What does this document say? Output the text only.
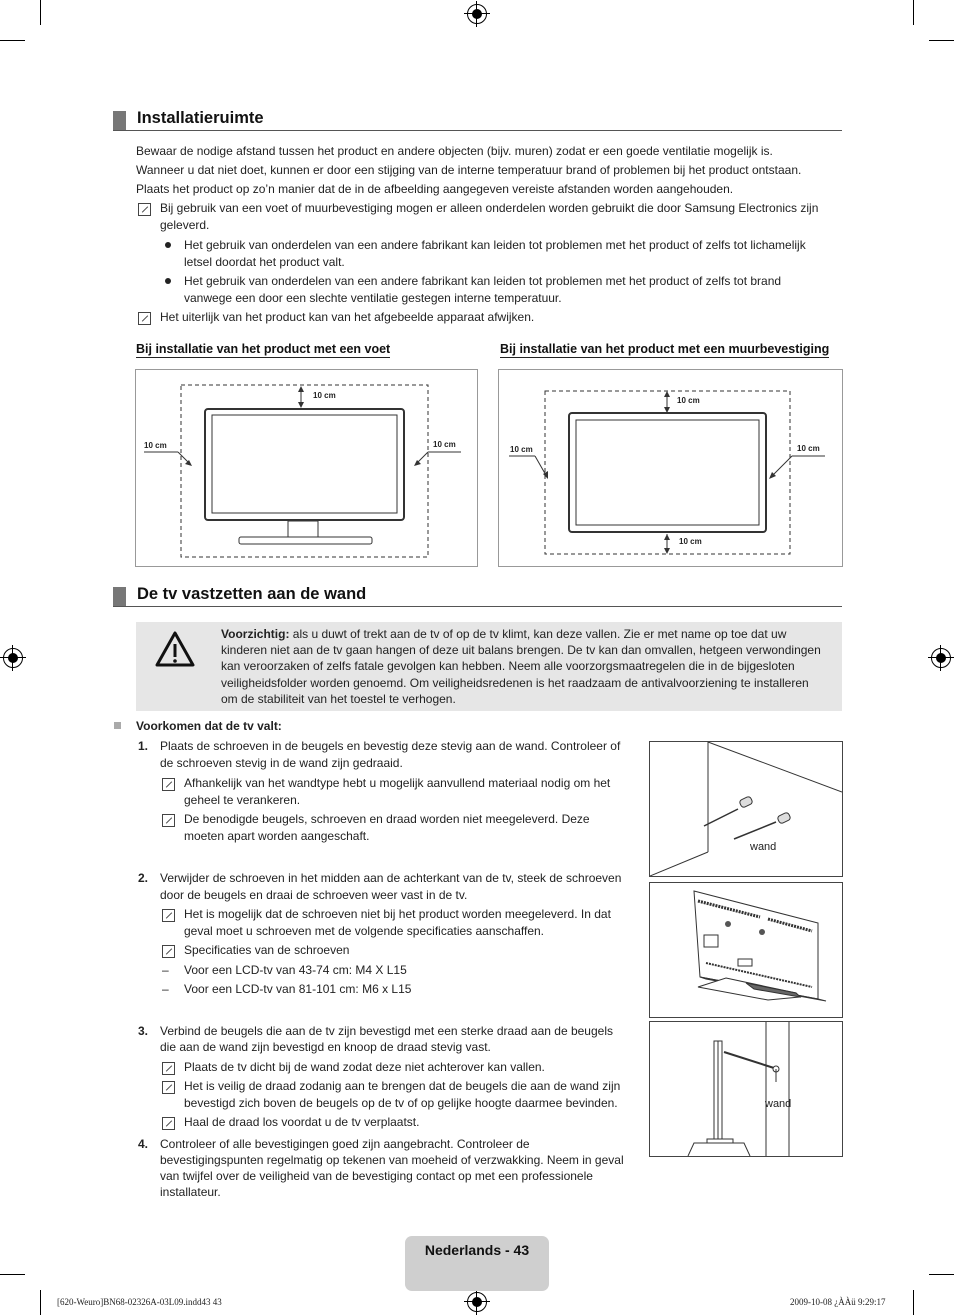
Installatieruimte
Bewaar de nodige afstand tussen het product en andere objecten (bijv. muren) zodat er een goede ventilatie mogelijk is.
Wanneer u dat niet doet, kunnen er door een stijging van de interne temperatuur brand of problemen bij het product ontstaan.
Plaats het product op zo’n manier dat de in de afbeelding aangegeven vereiste afstanden worden aangehouden.
Bij gebruik van een voet of muurbevestiging mogen er alleen onderdelen worden gebruikt die door Samsung Electronics zijn
geleverd.
Het gebruik van onderdelen van een andere fabrikant kan leiden tot problemen met het product of zelfs tot lichamelijk
letsel doordat het product valt.
Het gebruik van onderdelen van een andere fabrikant kan leiden tot problemen met het product of zelfs tot brand
vanwege een door een slechte ventilatie gestegen interne temperatuur.
Het uiterlijk van het product kan van het afgebeelde apparaat afwijken.
Bij installatie van het product met een voet	Bij installatie van het product met een muurbevestiging
10 cm
10 cm	10 cm
10 cm
10 cm	10 cm
10 cm
De tv vastzetten aan de wand
Voorzichtig: als u duwt of trekt aan de tv of op de tv klimt, kan deze vallen. Zie er met name op toe dat uw
kinderen niet aan de tv gaan hangen of deze uit balans brengen. De tv kan dan omvallen, hetgeen verwondingen
kan veroorzaken of zelfs fatale gevolgen kan hebben. Neem alle voorzorgsmaatregelen die in de bijgesloten
veiligheidsfolder worden genoemd. Om veiligheidsredenen is het raadzaam de antivalvoorziening te installeren
om de stabiliteit van het toestel te verhogen.
Voorkomen dat de tv valt:
1. Plaats de schroeven in de beugels en bevestig deze stevig aan de wand. Controleer of
de schroeven stevig in de wand zijn gedraaid.
Afhankelijk van het wandtype hebt u mogelijk aanvullend materiaal nodig om het
geheel te verankeren.
De benodigde beugels, schroeven en draad worden niet meegeleverd. Deze
moeten apart worden aangeschaft.
2. Verwijder de schroeven in het midden aan de achterkant van de tv, steek de schroeven
door de beugels en draai de schroeven weer vast in de tv.
Het is mogelijk dat de schroeven niet bij het product worden meegeleverd. In dat
geval moet u schroeven met de volgende specificaties aanschaffen.
Specificaties van de schroeven
– Voor een LCD-tv van 43-74 cm: M4 X L15
– Voor een LCD-tv van 81-101 cm: M6 x L15
3. Verbind de beugels die aan de tv zijn bevestigd met een sterke draad aan de beugels
die aan de wand zijn bevestigd en knoop de draad stevig vast.
Plaats de tv dicht bij de wand zodat deze niet achterover kan vallen.
Het is veilig de draad zodanig aan te brengen dat de beugels die aan de wand zijn
bevestigd zich boven de beugels op de tv of op gelijke hoogte daarmee bevinden.
Haal de draad los voordat u de tv verplaatst.
4. Controleer of alle bevestigingen goed zijn aangebracht. Controleer de
bevestigingspunten regelmatig op tekenen van moeheid of verzwakking. Neem in geval
van twijfel over de veiligheid van de bevestiging contact op met een professionele
installateur.
wand
wand
Nederlands - 43
[620-Weuro]BN68-02326A-03L09.indd43 43	2009-10-08 ¿ÀÀü 9:29:17
